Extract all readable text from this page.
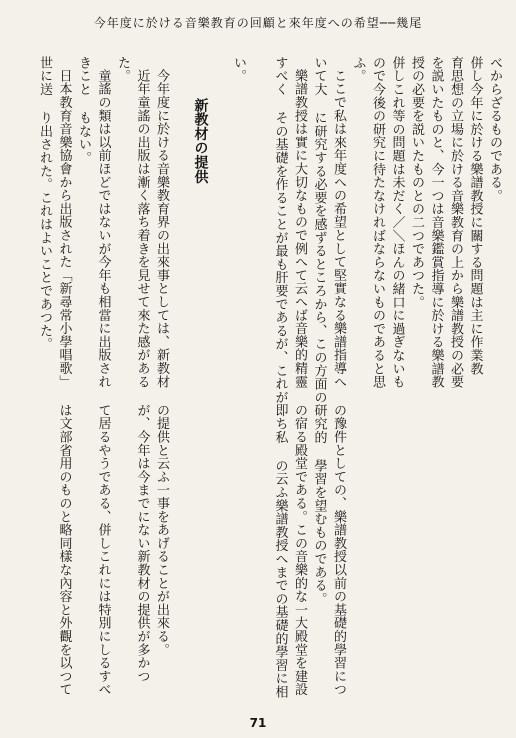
今年度に於ける音樂教育の回顧と來年度への希望──幾尾
べからざるものである。
併し今年に於ける樂譜教授に關する問題は主に作業教
育思想の立場に於ける音樂教育の上から樂譜教授の必要
を説いたものと、今一つは音樂鑑賞指導に於ける樂譜教
授の必要を説いたものとの二つであつた。
併しこれ等の問題は未だく／＼ほんの緒口に過ぎないも
ので今後の研究に待たなければならないものであると思
ふ。

ここで私は來年度への希望として堅實なる樂譜指導へ の豫件としての、樂譜教授以前の基礎的學習について大 に研究する必要を感ずるところから、この方面の研究的 學習を望むものである。

樂譜教授は實に大切なもので例へて云へば音樂的精靈 の宿る殿堂である。この音樂的な一大殿堂を建設すべく その基礎を作ることが最も肝要であるが、これが即ち私 の云ふ樂譜教授へまでの基礎的學習に相

い。

新教材の提供

今年度に於ける音樂教育界の出來事としては、新教材 の提供と云ふ一事をあげることが出來る。

近年童謠の出版は漸く落ち着きを見せて來た感がある が、今年は今までにない新教材の提供が多かつた。

童謠の類は以前ほどではないが今年も相當に出版され て居るやうである、併しこれには特別にしるすべきこと もない。

日本教育音樂協會から出版された「新尋常小學唱歌」 は文部省用のものと略同樣な內容と外觀を以つて世に送 り出された。これはよいことであつた。

71
